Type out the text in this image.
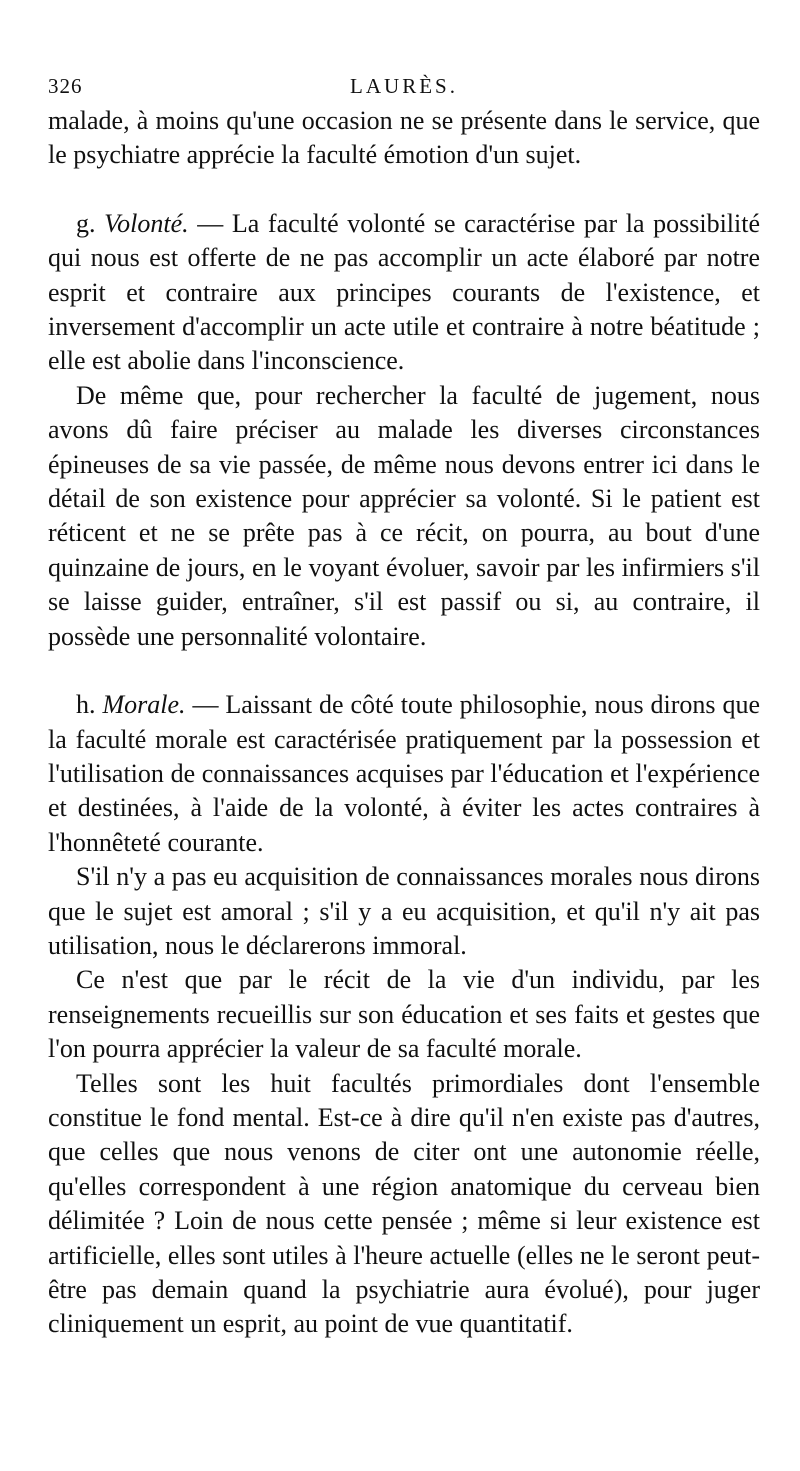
326	LAURÈS.

malade, à moins qu'une occasion ne se présente dans le service, que le psychiatre apprécie la faculté émotion d'un sujet.

g. Volonté. — La faculté volonté se caractérise par la possibilité qui nous est offerte de ne pas accomplir un acte élaboré par notre esprit et contraire aux principes courants de l'existence, et inversement d'accomplir un acte utile et contraire à notre béatitude ; elle est abolie dans l'inconscience.

De même que, pour rechercher la faculté de jugement, nous avons dû faire préciser au malade les diverses circonstances épineuses de sa vie passée, de même nous devons entrer ici dans le détail de son existence pour apprécier sa volonté. Si le patient est réticent et ne se prête pas à ce récit, on pourra, au bout d'une quinzaine de jours, en le voyant évoluer, savoir par les infirmiers s'il se laisse guider, entraîner, s'il est passif ou si, au contraire, il possède une personnalité volontaire.

h. Morale. — Laissant de côté toute philosophie, nous dirons que la faculté morale est caractérisée pratiquement par la possession et l'utilisation de connaissances acquises par l'éducation et l'expérience et destinées, à l'aide de la volonté, à éviter les actes contraires à l'honnêteté courante.

S'il n'y a pas eu acquisition de connaissances morales nous dirons que le sujet est amoral ; s'il y a eu acquisition, et qu'il n'y ait pas utilisation, nous le déclarerons immoral.

Ce n'est que par le récit de la vie d'un individu, par les renseignements recueillis sur son éducation et ses faits et gestes que l'on pourra apprécier la valeur de sa faculté morale.

Telles sont les huit facultés primordiales dont l'ensemble constitue le fond mental. Est-ce à dire qu'il n'en existe pas d'autres, que celles que nous venons de citer ont une autonomie réelle, qu'elles correspondent à une région anatomique du cerveau bien délimitée ? Loin de nous cette pensée ; même si leur existence est artificielle, elles sont utiles à l'heure actuelle (elles ne le seront peut-être pas demain quand la psychiatrie aura évolué), pour juger cliniquement un esprit, au point de vue quantitatif.
